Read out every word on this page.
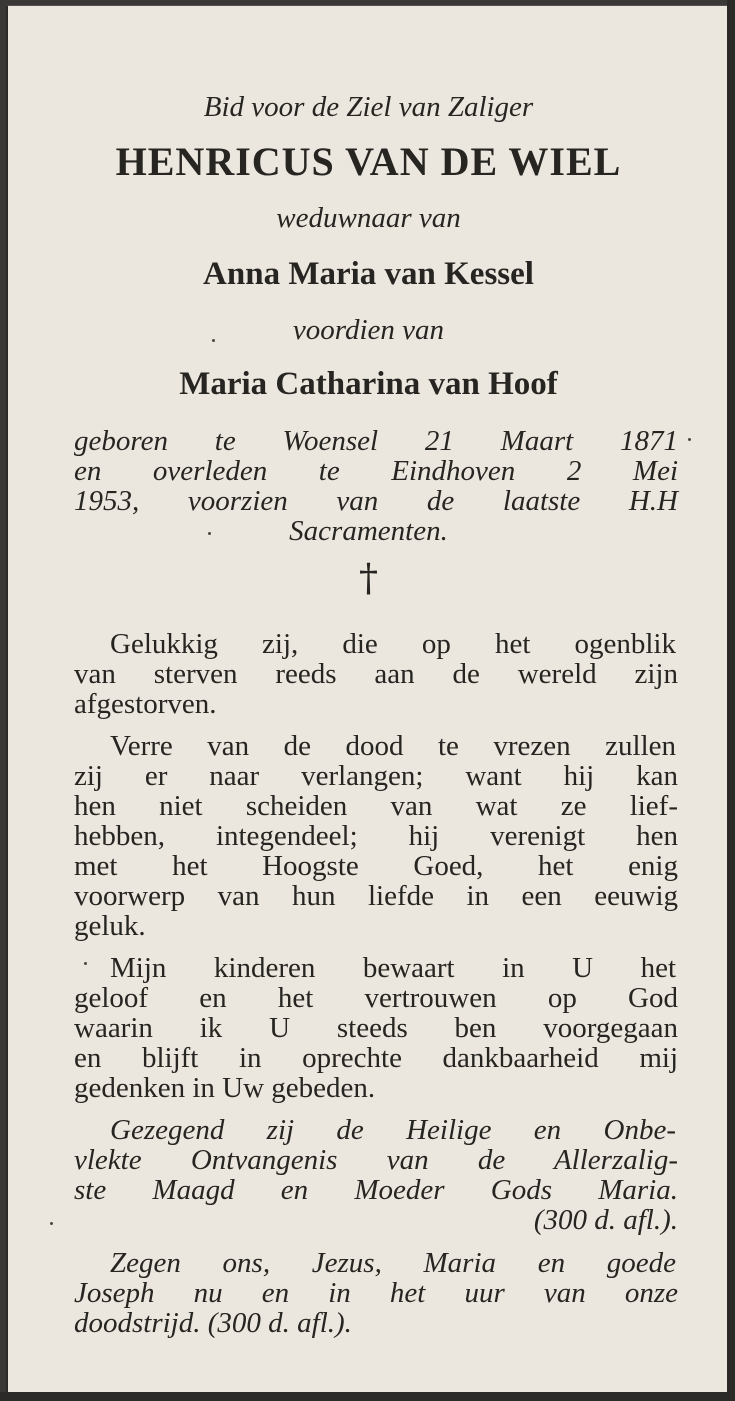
Bid voor de Ziel van Zaliger

HENRICUS VAN DE WIEL

weduwnaar van

Anna Maria van Kessel

voordien van

Maria Catharina van Hoof

geboren te Woensel 21 Maart 1871

en overleden te Eindhoven 2 Mei

1953, voorzien van de laatste H.H

Sacramenten.

†

Gelukkig zij, die op het ogenblik

van sterven reeds aan de wereld zijn

afgestorven.

Verre van de dood te vrezen zullen

zij er naar verlangen; want hij kan

hen niet scheiden van wat ze lief-

hebben, integendeel; hij verenigt hen

met het Hoogste Goed, het enig

voorwerp van hun liefde in een eeuwig

geluk.

Mijn kinderen bewaart in U het

geloof en het vertrouwen op God

waarin ik U steeds ben voorgegaan

en blijft in oprechte dankbaarheid mij

gedenken in Uw gebeden.

Gezegend zij de Heilige en Onbe-

vlekte Ontvangenis van de Allerzalig-

ste Maagd en Moeder Gods Maria.

(300 d. afl.).

Zegen ons, Jezus, Maria en goede

Joseph nu en in het uur van onze

doodstrijd. (300 d. afl.).
